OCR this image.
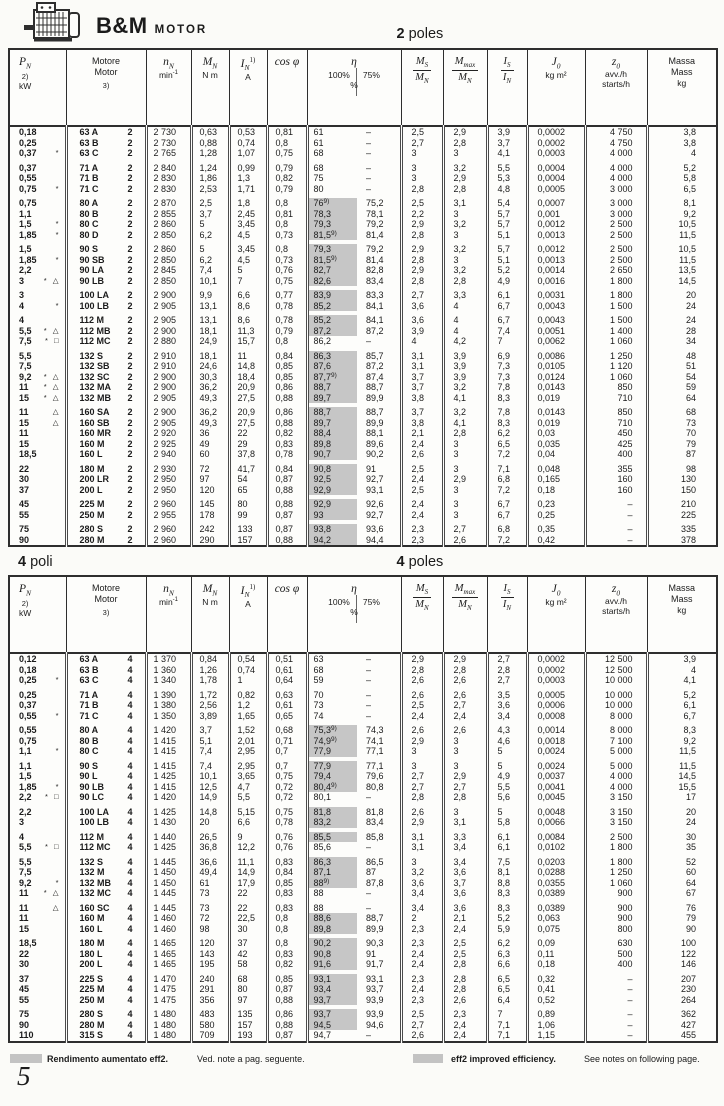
B&M MOTOR	2 poles
$P_N$
2)
kW

Motore
Motor
3)

$n_N$
$\min^{-1}$

$M_N$
N m

$I_N^{1)}$
A

cos φ	η
100% 75%
%	$\frac{M_S}{M_N}$	$\frac{M_{max}}{M_N}$	$\frac{I_S}{I_N}$	$J_0$
kg m²

$z_0$
avv./h
starts/h

Massa
Mass
kg

0,18	63 A 2	2 730	0,63	0,53	0,81	61	–	2,5	2,9	3,9	0,0002	4 750	3,8
0,25	63 B 2	2 730	0,88	0,74	0,8	61	–	2,7	2,8	3,7	0,0002	4 750	3,8
0,37 *	63 C 2	2 765	1,28	1,07	0,75	68	–	3	3	4,1	0,0003	4 000	4

0,37	71 A 2	2 840	1,24	0,99	0,79	68	–	3	3,2	5,5	0,0004	4 000	5,2
0,55	71 B 2	2 830	1,86	1,3	0,82	75	–	3	2,9	5,3	0,0004	4 000	5,8
0,75 *	71 C 2	2 830	2,53	1,71	0,79	80	–	2,8	2,8	4,8	0,0005	3 000	6,5

0,75	80 A 2	2 870	2,5	1,8	0,8	76$^{9)}$	75,2	2,5	3,1	5,4	0,0007	3 000	8,1
1,1	80 B 2	2 855	3,7	2,45	0,81	78,3	78,1	2,2	3	5,7	0,001	3 000	9,2
1,5 *	80 C 2	2 860	5	3,45	0,8	79,3	79,2	2,9	3,2	5,7	0,0012	2 500	10,5
1,85 *	80 D 2	2 850	6,2	4,5	0,73	81,5$^{9)}$	81,4	2,8	3	5,1	0,0013	2 500	11,5

1,5	90 S 2	2 860	5	3,45	0,8	79,3	79,2	2,9	3,2	5,7	0,0012	2 500	10,5
1,85 *	90 SB 2	2 850	6,2	4,5	0,73	81,5$^{9)}$	81,4	2,8	3	5,1	0,0013	2 500	11,5
2,2	90 LA 2	2 845	7,4	5	0,76	82,7	82,8	2,9	3,2	5,2	0,0014	2 650	13,5
3 * △	90 LB 2	2 850	10,1	7	0,75	82,6	83,4	2,8	2,8	4,9	0,0016	1 800	14,5

3	100 LA 2	2 900	9,9	6,6	0,77	83,9	83,3	2,7	3,3	6,1	0,0031	1 800	20
4 *	100 LB 2	2 905	13,1	8,6	0,78	85,2	84,1	3,6	4	6,7	0,0043	1 500	24

4	112 M 2	2 905	13,1	8,6	0,78	85,2	84,1	3,6	4	6,7	0,0043	1 500	24
5,5 * △	112 MB 2	2 900	18,1	11,3	0,79	87,2	87,2	3,9	4	7,4	0,0051	1 400	28
7,5 * □	112 MC 2	2 880	24,9	15,7	0,8	86,2	–	4	4,2	7	0,0062	1 060	34

5,5	132 S 2	2 910	18,1	11	0,84	86,3	85,7	3,1	3,9	6,9	0,0086	1 250	48
7,5	132 SB 2	2 910	24,6	14,8	0,85	87,6	87,2	3,1	3,9	7,3	0,0105	1 120	51
9,2 * △	132 SC 2	2 900	30,3	18,4	0,85	87,7$^{9)}$	87,4	3,7	3,9	7,3	0,0124	1 060	54
11 * △	132 MA 2	2 900	36,2	20,9	0,86	88,7	88,7	3,7	3,2	7,8	0,0143	850	59
15 * △	132 MB 2	2 905	49,3	27,5	0,88	89,7	89,9	3,8	4,1	8,3	0,019	710	64

11 △	160 SA 2	2 900	36,2	20,9	0,86	88,7	88,7	3,7	3,2	7,8	0,0143	850	68
15 △	160 SB 2	2 905	49,3	27,5	0,88	89,7	89,9	3,8	4,1	8,3	0,019	710	73
11	160 MR 2	2 920	36	22	0,82	88,4	88,1	2,1	2,8	6,2	0,03	450	70
15	160 M 2	2 925	49	29	0,83	89,8	89,6	2,4	3	6,5	0,035	425	79
18,5	160 L 2	2 940	60	37,8	0,78	90,7	90,2	2,6	3	7,2	0,04	400	87

22	180 M 2	2 930	72	41,7	0,84	90,8	91	2,5	3	7,1	0,048	355	98
30	200 LR 2	2 950	97	54	0,87	92,5	92,7	2,4	2,9	6,8	0,165	160	130
37	200 L 2	2 950	120	65	0,88	92,9	93,1	2,5	3	7,2	0,18	160	150

45	225 M 2	2 960	145	80	0,88	92,9	92,6	2,4	3	6,7	0,23	–	210
55	250 M 2	2 955	178	99	0,87	93	92,7	2,4	3	6,7	0,25	–	225

75	280 S 2	2 960	242	133	0,87	93,8	93,6	2,3	2,7	6,8	0,35	–	335
90	280 M 2	2 960	290	157	0,88	94,2	94,4	2,3	2,6	7,2	0,42	–	378
4 poli	4 poles
$P_N$
2)
kW

Motore
Motor
3)

$n_N$
$\min^{-1}$

$M_N$
N m

$I_N^{1)}$
A

cos φ	η
100% 75%
%	$\frac{M_S}{M_N}$	$\frac{M_{max}}{M_N}$	$\frac{I_S}{I_N}$	$J_0$
kg m²

$z_0$
avv./h
starts/h

Massa
Mass
kg

0,12	63 A 4	1 370	0,84	0,54	0,51	63	–	2,9	2,9	2,7	0,0002	12 500	3,9
0,18	63 B 4	1 360	1,26	0,74	0,61	68	–	2,8	2,8	2,8	0,0002	12 500	4
0,25 *	63 C 4	1 340	1,78	1	0,64	59	–	2,6	2,6	2,7	0,0003	10 000	4,1

0,25	71 A 4	1 390	1,72	0,82	0,63	70	–	2,6	2,6	3,5	0,0005	10 000	5,2
0,37	71 B 4	1 380	2,56	1,2	0,61	73	–	2,5	2,7	3,6	0,0006	10 000	6,1
0,55 *	71 C 4	1 350	3,89	1,65	0,65	74	–	2,4	2,4	3,4	0,0008	8 000	6,7

0,55	80 A 4	1 420	3,7	1,52	0,68	75,3$^{9)}$	74,3	2,6	2,6	4,3	0,0014	8 000	8,3
0,75	80 B 4	1 415	5,1	2,01	0,71	74,9$^{9)}$	74,1	2,9	3	4,6	0,0018	7 100	9,2
1,1 *	80 C 4	1 415	7,4	2,95	0,7	77,9	77,1	3	3	5	0,0024	5 000	11,5

1,1	90 S 4	1 415	7,4	2,95	0,7	77,9	77,1	3	3	5	0,0024	5 000	11,5
1,5	90 L 4	1 425	10,1	3,65	0,75	79,4	79,6	2,7	2,9	4,9	0,0037	4 000	14,5
1,85 *	90 LB 4	1 415	12,5	4,7	0,72	80,4$^{9)}$	80,8	2,7	2,7	5,5	0,0041	4 000	15,5
2,2 * □	90 LC 4	1 420	14,9	5,5	0,72	80,1	–	2,8	2,8	5,6	0,0045	3 150	17

2,2	100 LA 4	1 425	14,8	5,15	0,75	81,8	81,8	2,6	3	5	0,0048	3 150	20
3	100 LB 4	1 430	20	6,6	0,78	83,2	83,4	2,9	3,1	5,8	0,0066	3 150	24

4	112 M 4	1 440	26,5	9	0,76	85,5	85,8	3,1	3,3	6,1	0,0084	2 500	30
5,5 * □	112 MC 4	1 425	36,8	12,2	0,76	85,6	–	3,1	3,4	6,1	0,0102	1 800	35

5,5	132 S 4	1 445	36,6	11,1	0,83	86,3	86,5	3	3,4	7,5	0,0203	1 800	52
7,5	132 M 4	1 450	49,4	14,9	0,84	87,1	87	3,2	3,6	8,1	0,0288	1 250	60
9,2 *	132 MB 4	1 450	61	17,9	0,85	88$^{9)}$	87,8	3,6	3,7	8,8	0,0355	1 060	64
11 * △	132 MC 4	1 445	73	22	0,83	88	–	3,4	3,6	8,3	0,0389	900	67

11 △	160 SC 4	1 445	73	22	0,83	88	–	3,4	3,6	8,3	0,0389	900	76
11	160 M 4	1 460	72	22,5	0,8	88,6	88,7	2	2,1	5,2	0,063	900	79
15	160 L 4	1 460	98	30	0,8	89,8	89,9	2,3	2,4	5,9	0,075	800	90

18,5	180 M 4	1 465	120	37	0,8	90,2	90,3	2,3	2,5	6,2	0,09	630	100
22	180 L 4	1 465	143	42	0,83	90,8	91	2,4	2,5	6,3	0,11	500	122
30	200 L 4	1 465	195	58	0,82	91,6	91,7	2,4	2,8	6,6	0,18	400	146

37	225 S 4	1 470	240	68	0,85	93,1	93,1	2,3	2,8	6,5	0,32	–	207
45	225 M 4	1 475	291	80	0,87	93,4	93,7	2,4	2,8	6,5	0,41	–	230
55	250 M 4	1 475	356	97	0,88	93,7	93,9	2,3	2,6	6,4	0,52	–	264

75	280 S 4	1 480	483	135	0,86	93,7	93,9	2,5	2,3	7	0,89	–	362
90	280 M 4	1 480	580	157	0,88	94,5	94,6	2,7	2,4	7,1	1,06	–	427
110	315 S 4	1 480	709	193	0,87	94,7	–	2,6	2,4	7,1	1,15	–	455
Rendimento aumentato eff2.	Ved. note a pag. seguente.	eff2 improved efficiency.	See notes on following page.
5
